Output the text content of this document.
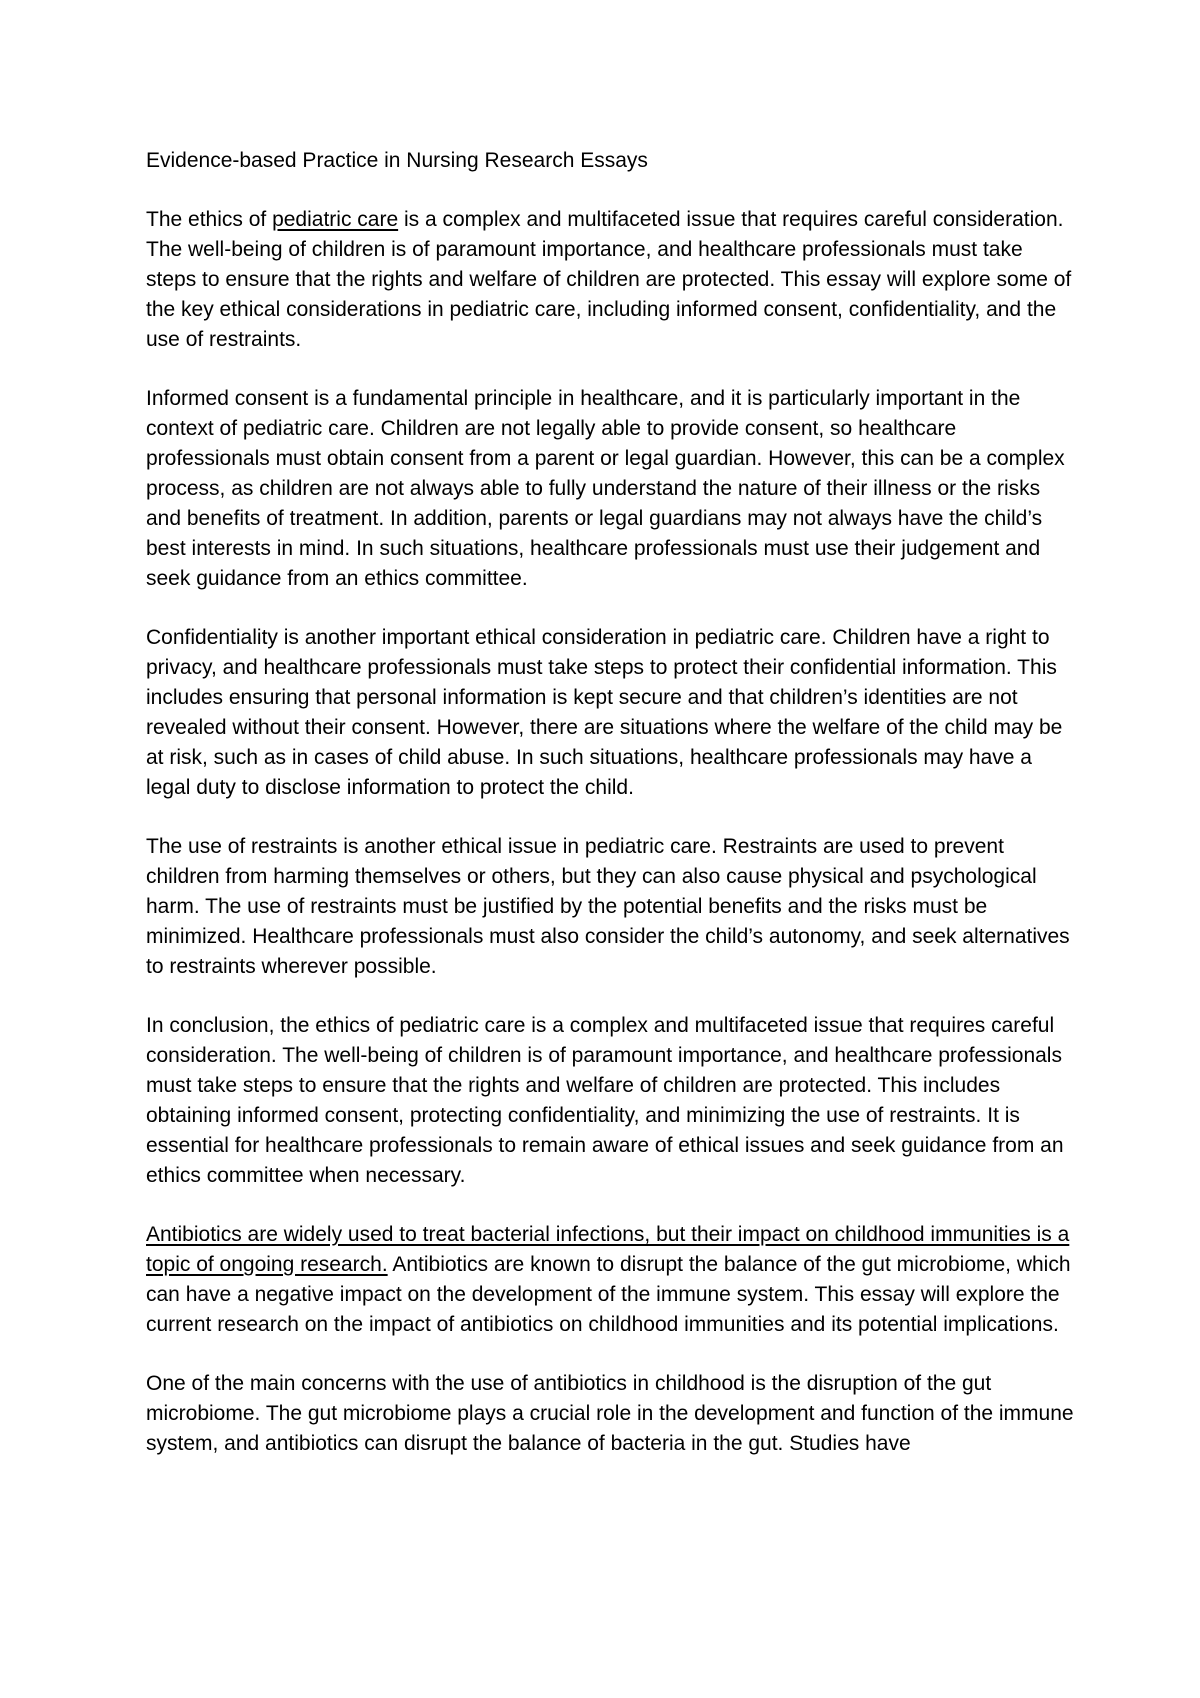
Evidence-based Practice in Nursing Research Essays

The ethics of pediatric care is a complex and multifaceted issue that requires careful consideration. The well-being of children is of paramount importance, and healthcare professionals must take steps to ensure that the rights and welfare of children are protected. This essay will explore some of the key ethical considerations in pediatric care, including informed consent, confidentiality, and the use of restraints.

Informed consent is a fundamental principle in healthcare, and it is particularly important in the context of pediatric care. Children are not legally able to provide consent, so healthcare professionals must obtain consent from a parent or legal guardian. However, this can be a complex process, as children are not always able to fully understand the nature of their illness or the risks and benefits of treatment. In addition, parents or legal guardians may not always have the child’s best interests in mind. In such situations, healthcare professionals must use their judgement and seek guidance from an ethics committee.

Confidentiality is another important ethical consideration in pediatric care. Children have a right to privacy, and healthcare professionals must take steps to protect their confidential information. This includes ensuring that personal information is kept secure and that children’s identities are not revealed without their consent. However, there are situations where the welfare of the child may be at risk, such as in cases of child abuse. In such situations, healthcare professionals may have a legal duty to disclose information to protect the child.

The use of restraints is another ethical issue in pediatric care. Restraints are used to prevent children from harming themselves or others, but they can also cause physical and psychological harm. The use of restraints must be justified by the potential benefits and the risks must be minimized. Healthcare professionals must also consider the child’s autonomy, and seek alternatives to restraints wherever possible.

In conclusion, the ethics of pediatric care is a complex and multifaceted issue that requires careful consideration. The well-being of children is of paramount importance, and healthcare professionals must take steps to ensure that the rights and welfare of children are protected. This includes obtaining informed consent, protecting confidentiality, and minimizing the use of restraints. It is essential for healthcare professionals to remain aware of ethical issues and seek guidance from an ethics committee when necessary.

Antibiotics are widely used to treat bacterial infections, but their impact on childhood immunities is a topic of ongoing research. Antibiotics are known to disrupt the balance of the gut microbiome, which can have a negative impact on the development of the immune system. This essay will explore the current research on the impact of antibiotics on childhood immunities and its potential implications.

One of the main concerns with the use of antibiotics in childhood is the disruption of the gut microbiome. The gut microbiome plays a crucial role in the development and function of the immune system, and antibiotics can disrupt the balance of bacteria in the gut. Studies have
